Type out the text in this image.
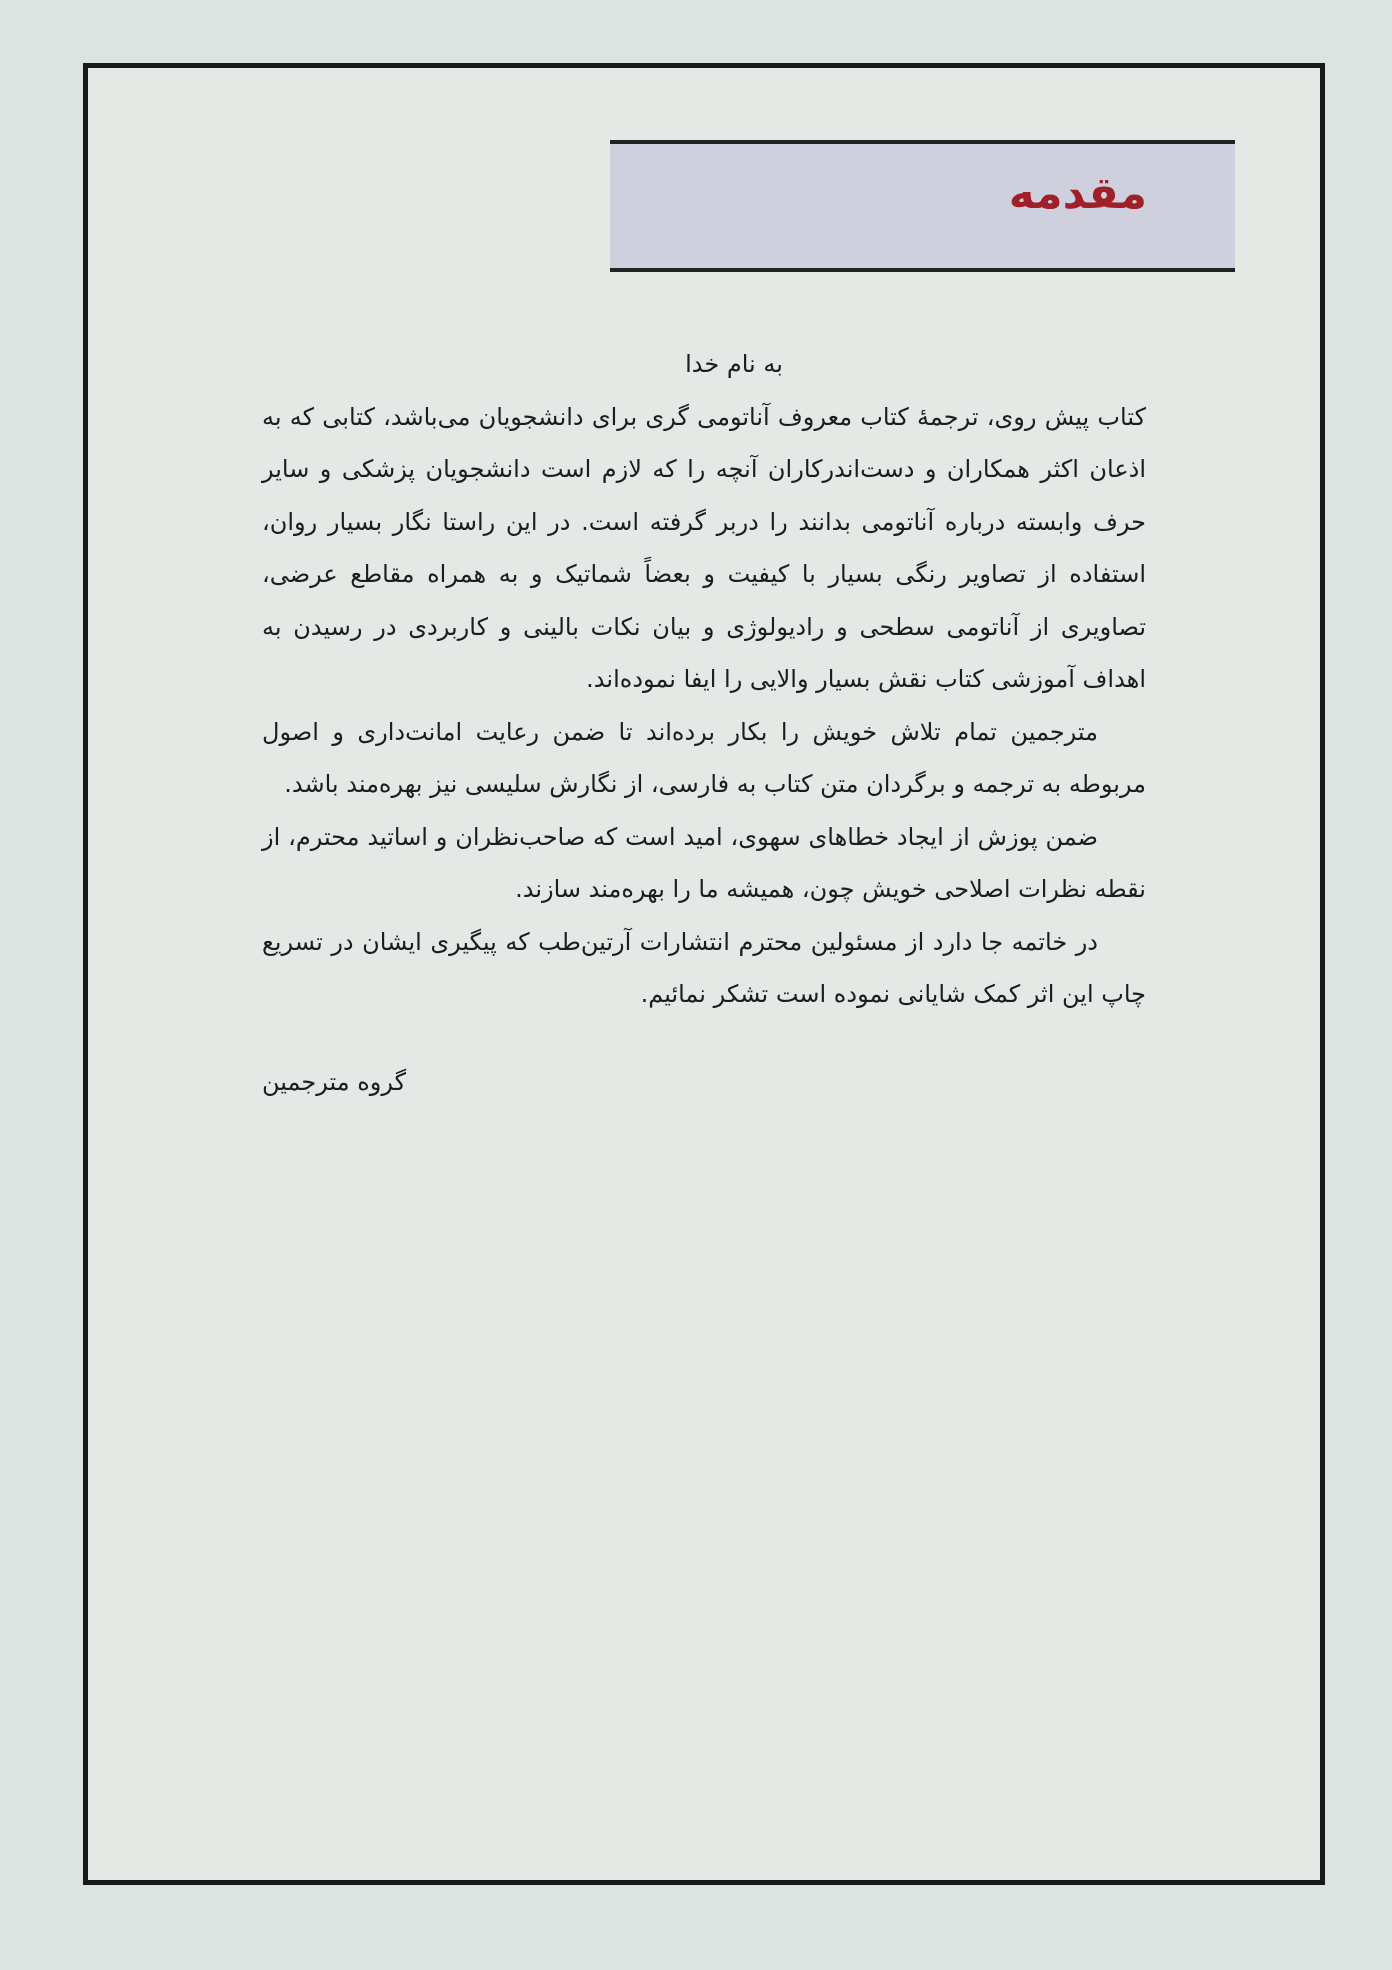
مقدمه

به نام خدا

کتاب پیش روی، ترجمهٔ کتاب معروف آناتومی گری برای دانشجویان می‌باشد، کتابی که به اذعان اکثر همکاران و دست‌اندرکاران آنچه را که لازم است دانشجویان پزشکی و سایر حرف وابسته درباره آناتومی بدانند را دربر گرفته است. در این راستا نگار بسیار روان، استفاده از تصاویر رنگی بسیار با کیفیت و بعضاً شماتیک و به همراه مقاطع عرضی، تصاویری از آناتومی سطحی و رادیولوژی و بیان نکات بالینی و کاربردی در رسیدن به اهداف آموزشی کتاب نقش بسیار والایی را ایفا نموده‌اند.

مترجمین تمام تلاش خویش را بکار برده‌اند تا ضمن رعایت امانت‌داری و اصول مربوطه به ترجمه و برگردان متن کتاب به فارسی، از نگارش سلیسی نیز بهره‌مند باشد.

ضمن پوزش از ایجاد خطاهای سهوی، امید است که صاحب‌نظران و اساتید محترم، از نقطه نظرات اصلاحی خویش چون، همیشه ما را بهره‌مند سازند.

در خاتمه جا دارد از مسئولین محترم انتشارات آرتین‌طب که پیگیری ایشان در تسریع چاپ این اثر کمک شایانی نموده است تشکر نمائیم.

گروه مترجمین
